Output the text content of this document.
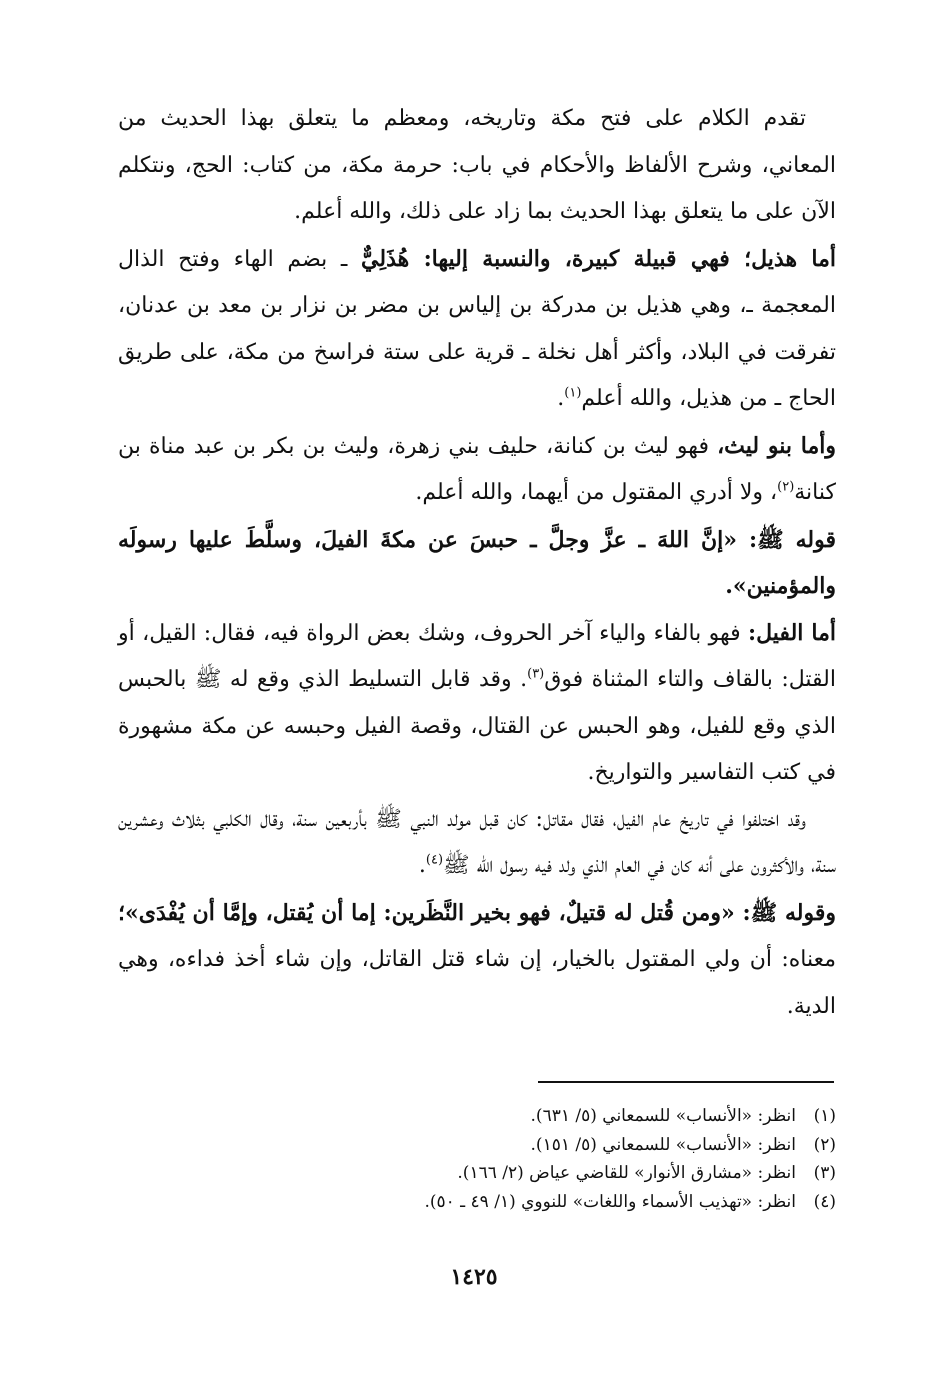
تقدم الكلام على فتح مكة وتاريخه، ومعظم ما يتعلق بهذا الحديث من المعاني، وشرح الألفاظ والأحكام في باب: حرمة مكة، من كتاب: الحج، ونتكلم الآن على ما يتعلق بهذا الحديث بما زاد على ذلك، والله أعلم.

أما هذيل؛ فهي قبيلة كبيرة، والنسبة إليها: هُذَلِيٌّ ـ بضم الهاء وفتح الذال المعجمة ـ، وهي هذيل بن مدركة بن إلياس بن مضر بن نزار بن معد بن عدنان، تفرقت في البلاد، وأكثر أهل نخلة ـ قرية على ستة فراسخ من مكة، على طريق الحاج ـ من هذيل، والله أعلم$^{(١)}$.

وأما بنو ليث، فهو ليث بن كنانة، حليف بني زهرة، وليث بن بكر بن عبد مناة بن كنانة$^{(٢)}$، ولا أدري المقتول من أيهما، والله أعلم.

قوله ﷺ: «إنَّ اللهَ ـ عزَّ وجلَّ ـ حبسَ عن مكةَ الفيلَ، وسلَّطَ عليها رسولَه والمؤمنين».

أما الفيل: فهو بالفاء والياء آخر الحروف، وشك بعض الرواة فيه، فقال: القيل، أو القتل: بالقاف والتاء المثناة فوق$^{(٣)}$. وقد قابل التسليط الذي وقع له ﷺ بالحبس الذي وقع للفيل، وهو الحبس عن القتال، وقصة الفيل وحبسه عن مكة مشهورة في كتب التفاسير والتواريخ.

وقد اختلفوا في تاريخ عام الفيل، فقال مقاتل: كان قبل مولد النبي ﷺ بأربعين سنة، وقال الكلبي بثلاث وعشرين سنة، والأكثرون على أنه كان في العام الذي ولد فيه رسول الله ﷺ$^{(٤)}$.

وقوله ﷺ: «ومن قُتل له قتيلٌ، فهو بخير النَّظَرين: إما أن يُقتل، وإمَّا أن يُفْدَى»؛ معناه: أن ولي المقتول بالخيار، إن شاء قتل القاتل، وإن شاء أخذ فداءه، وهي الدية.

(١)انظر: «الأنساب» للسمعاني (٥/ ٦٣١).
(٢)انظر: «الأنساب» للسمعاني (٥/ ١٥١).
(٣)انظر: «مشارق الأنوار» للقاضي عياض (٢/ ١٦٦).
(٤)انظر: «تهذيب الأسماء واللغات» للنووي (١/ ٤٩ ـ ٥٠).
١٤٢٥
